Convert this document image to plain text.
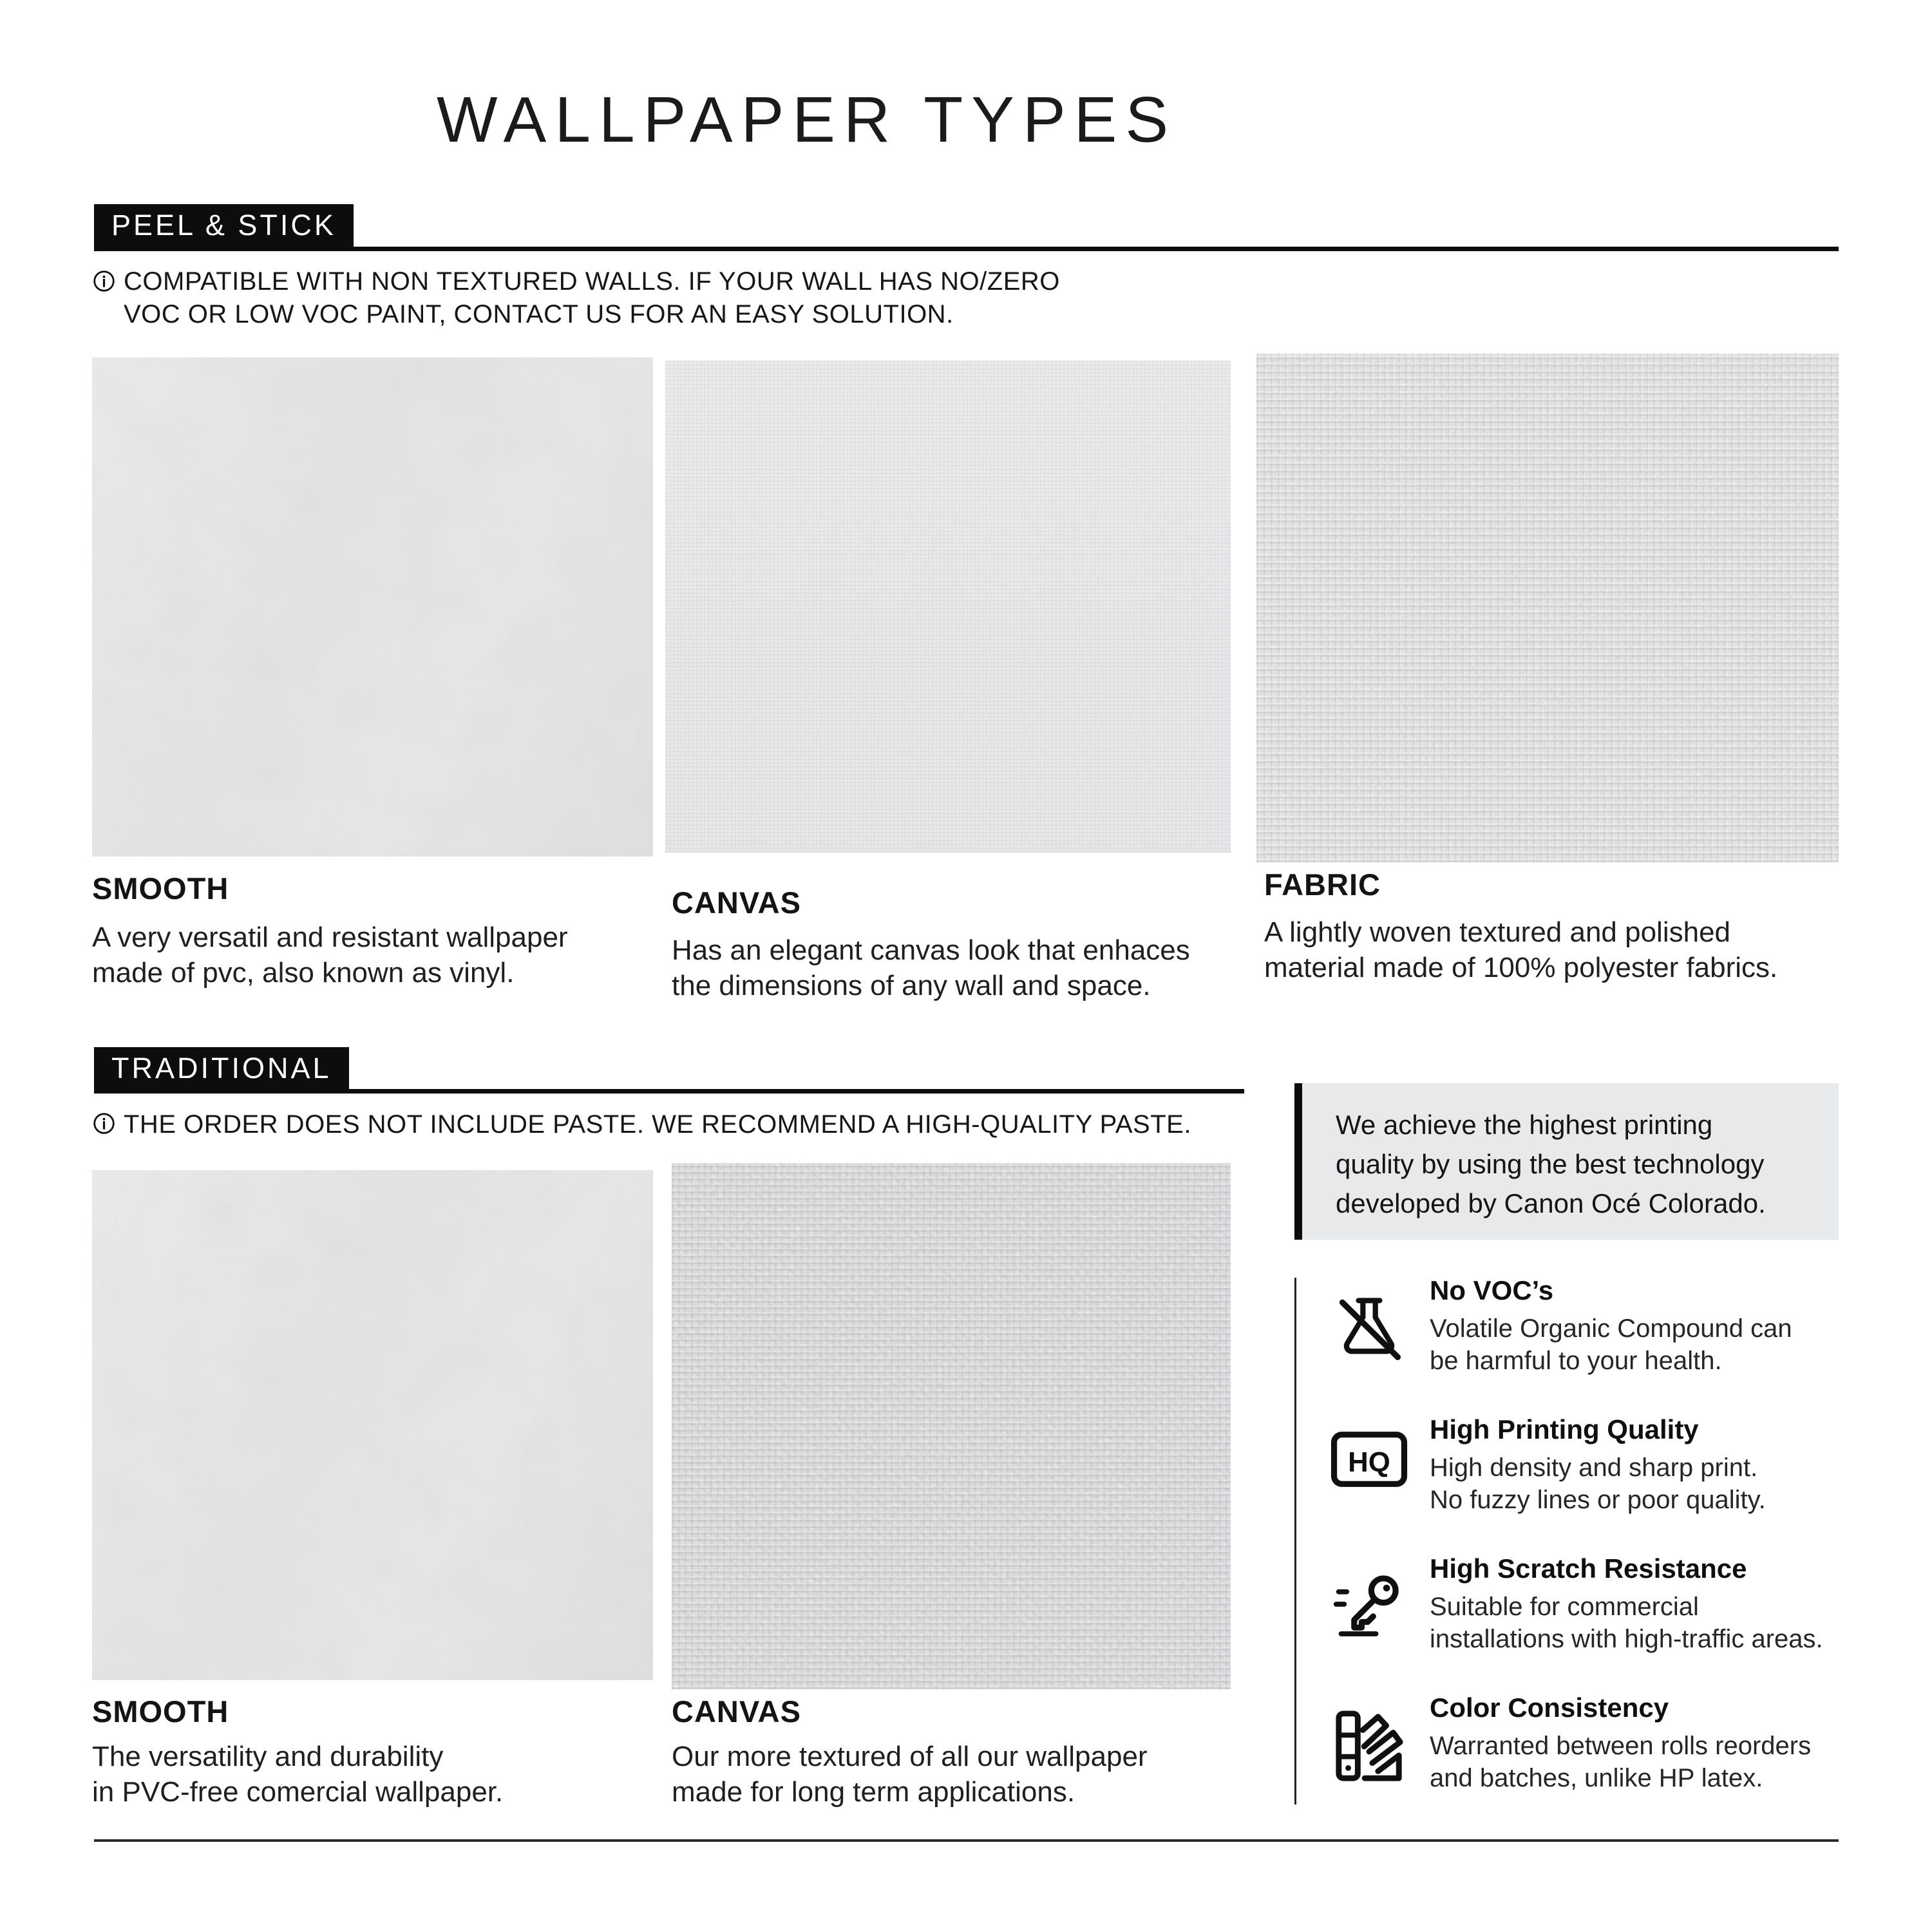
WALLPAPER TYPES
PEEL & STICK
COMPATIBLE WITH NON TEXTURED WALLS. IF YOUR WALL HAS NO/ZERO
VOC OR LOW VOC PAINT, CONTACT US FOR AN EASY SOLUTION.
SMOOTH
A very versatil and resistant wallpaper
made of pvc, also known as vinyl.
CANVAS
Has an elegant canvas look that enhaces
the dimensions of any wall and space.
FABRIC
A lightly woven textured and polished
material made of 100% polyester fabrics.
TRADITIONAL
THE ORDER DOES NOT INCLUDE PASTE. WE RECOMMEND A HIGH-QUALITY PASTE.
SMOOTH
The versatility and durability
in PVC-free comercial wallpaper.
CANVAS
Our more textured of all our wallpaper
made for long term applications.
We achieve the highest printing
quality by using the best technology
developed by Canon Océ Colorado.
No VOC’s
Volatile Organic Compound can
be harmful to your health.
HQ
High Printing Quality
High density and sharp print.
No fuzzy lines or poor quality.
High Scratch Resistance
Suitable for commercial
installations with high-traffic areas.
Color Consistency
Warranted between rolls reorders
and batches, unlike HP latex.
